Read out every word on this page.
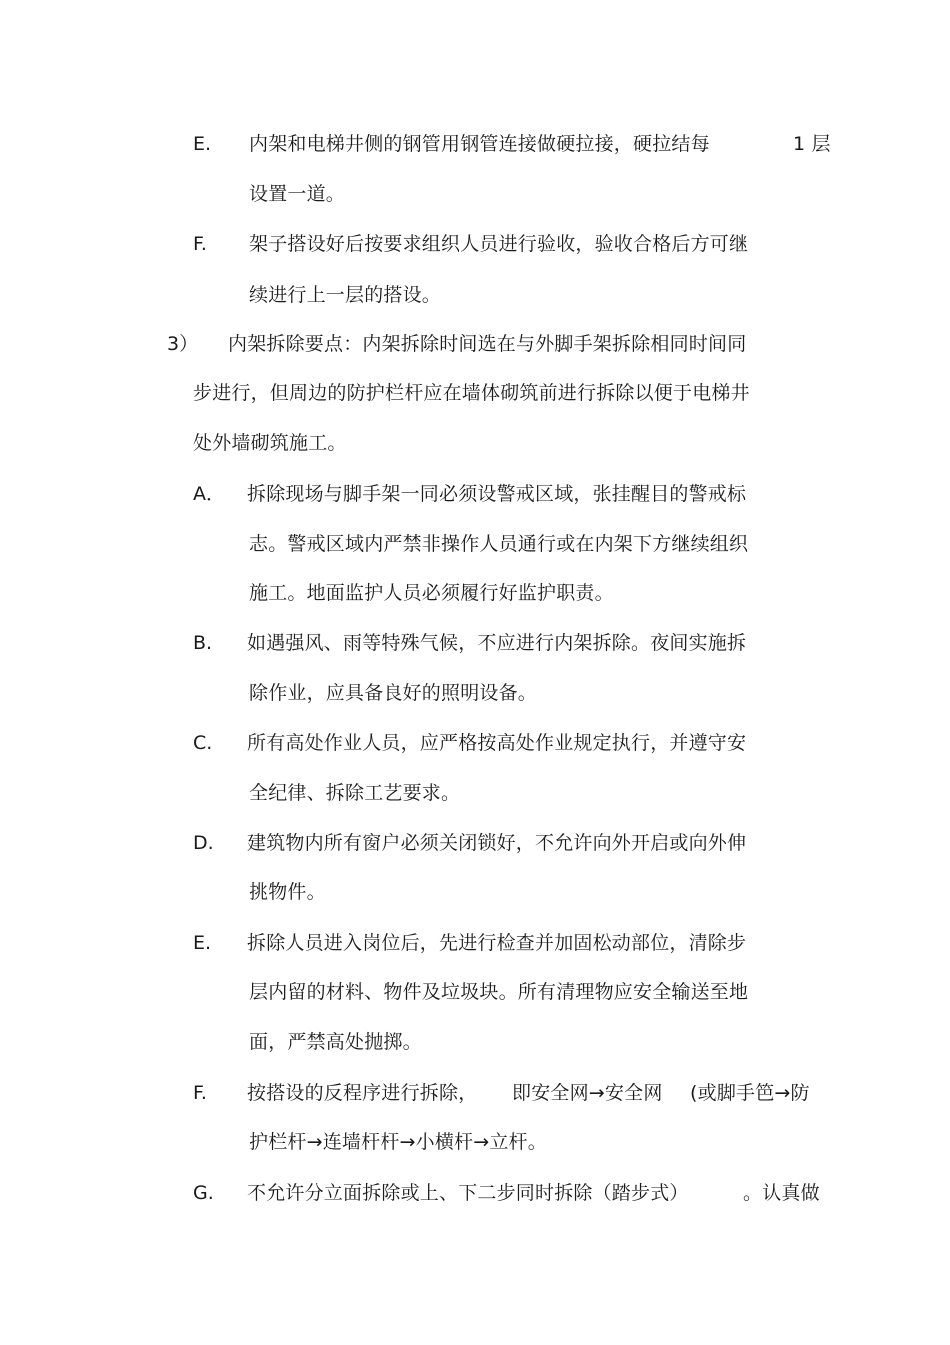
E. 内架和电梯井侧的钢管用钢管连接做硬拉接，硬拉结每	1 层
设置一道。
F. 架子搭设好后按要求组织人员进行验收，验收合格后方可继
续进行上一层的搭设。
3） 内架拆除要点：内架拆除时间选在与外脚手架拆除相同时间同
步进行，但周边的防护栏杆应在墙体砌筑前进行拆除以便于电梯井
处外墙砌筑施工。
A． 拆除现场与脚手架一同必须设警戒区域，张挂醒目的警戒标
志。警戒区域内严禁非操作人员通行或在内架下方继续组织
施工。地面监护人员必须履行好监护职责。
B. 如遇强风、雨等特殊气候，不应进行内架拆除。夜间实施拆
除作业，应具备良好的照明设备。
C. 所有高处作业人员，应严格按高处作业规定执行，并遵守安
全纪律、拆除工艺要求。
D. 建筑物内所有窗户必须关闭锁好，不允许向外开启或向外伸
挑物件。
E. 拆除人员进入岗位后，先进行检查并加固松动部位，清除步
层内留的材料、物件及垃圾块。所有清理物应安全输送至地
面，严禁高处抛掷。
F. 按搭设的反程序进行拆除， 即安全网→安全网 (或脚手笆→防
护栏杆→连墙杆杆→小横杆→立杆。
G. 不允许分立面拆除或上、下二步同时拆除（踏步式）	。认真做
